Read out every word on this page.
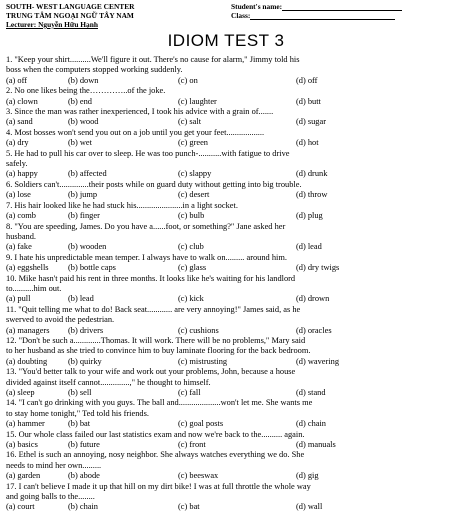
SOUTH- WEST LANGUAGE CENTER	Student's name:
TRUNG TÂM NGOẠI NGỮ TÂY NAM	Class:
Lecturer: Nguyễn Hữu Hạnh
IDIOM TEST 3
1. "Keep your shirt..........We'll figure it out. There's no cause for alarm," Jimmy told his
boss when the computers stopped working suddenly.
(a) off	(b) down	(c) on	(d) off
2. No one likes being the…………..of the joke.
(a) clown	(b) end	(c) laughter	(d) butt
3. Since the man was rather inexperienced, I took his advice with a grain of.......
(a) sand	(b) wood	(c) salt	(d) sugar
4. Most bosses won't send you out on a job until you get your feet..................
(a) dry	(b) wet	(c) green	(d) hot
5. He had to pull his car over to sleep. He was too punch-...........with fatigue to drive
safely.
(a) happy	(b) affected	(c) slappy	(d) drunk
6. Soldiers can't..............their posts while on guard duty without getting into big trouble.
(a) lose	(b) jump	(c) desert	(d) throw
7. His hair looked like he had stuck his......................in a light socket.
(a) comb	(b) finger	(c) bulb	(d) plug
8. "You are speeding, James. Do you have a......foot, or something?" Jane asked her
husband.
(a) fake	(b) wooden	(c) club	(d) lead
9. I hate his unpredictable mean temper. I always have to walk on......... around him.
(a) eggshells	(b) bottle caps	(c) glass	(d) dry twigs
10. Mike hasn't paid his rent in three months. It looks like he's waiting for his landlord
to..........him out.
(a) pull	(b) lead	(c) kick	(d) drown
11. "Quit telling me what to do! Back seat............ are very annoying!" James said, as he
swerved to avoid the pedestrian.
(a) managers	(b) drivers	(c) cushions	(d) oracles
12. "Don't be such a.............Thomas. It will work. There will be no problems," Mary said
to her husband as she tried to convince him to buy laminate flooring for the back bedroom.
(a) doubting	(b) quirky	(c) mistrusting	(d) wavering
13. "You'd better talk to your wife and work out your problems, John, because a house
divided against itself cannot..............," he thought to himself.
(a) sleep	(b) sell	(c) fall	(d) stand
14. "I can't go drinking with you guys. The ball and....................won't let me. She wants me
to stay home tonight," Ted told his friends.
(a) hammer	(b) bat	(c) goal posts	(d) chain
15. Our whole class failed our last statistics exam and now we're back to the.......... again.
(a) basics	(b) future	(c) front	(d) manuals
16. Ethel is such an annoying, nosy neighbor. She always watches everything we do. She
needs to mind her own.........
(a) garden	(b) abode	(c) beeswax	(d) gig
17. I can't believe I made it up that hill on my dirt bike! I was at full throttle the whole way
and going balls to the........
(a) court	(b) chain	(c) bat	(d) wall
